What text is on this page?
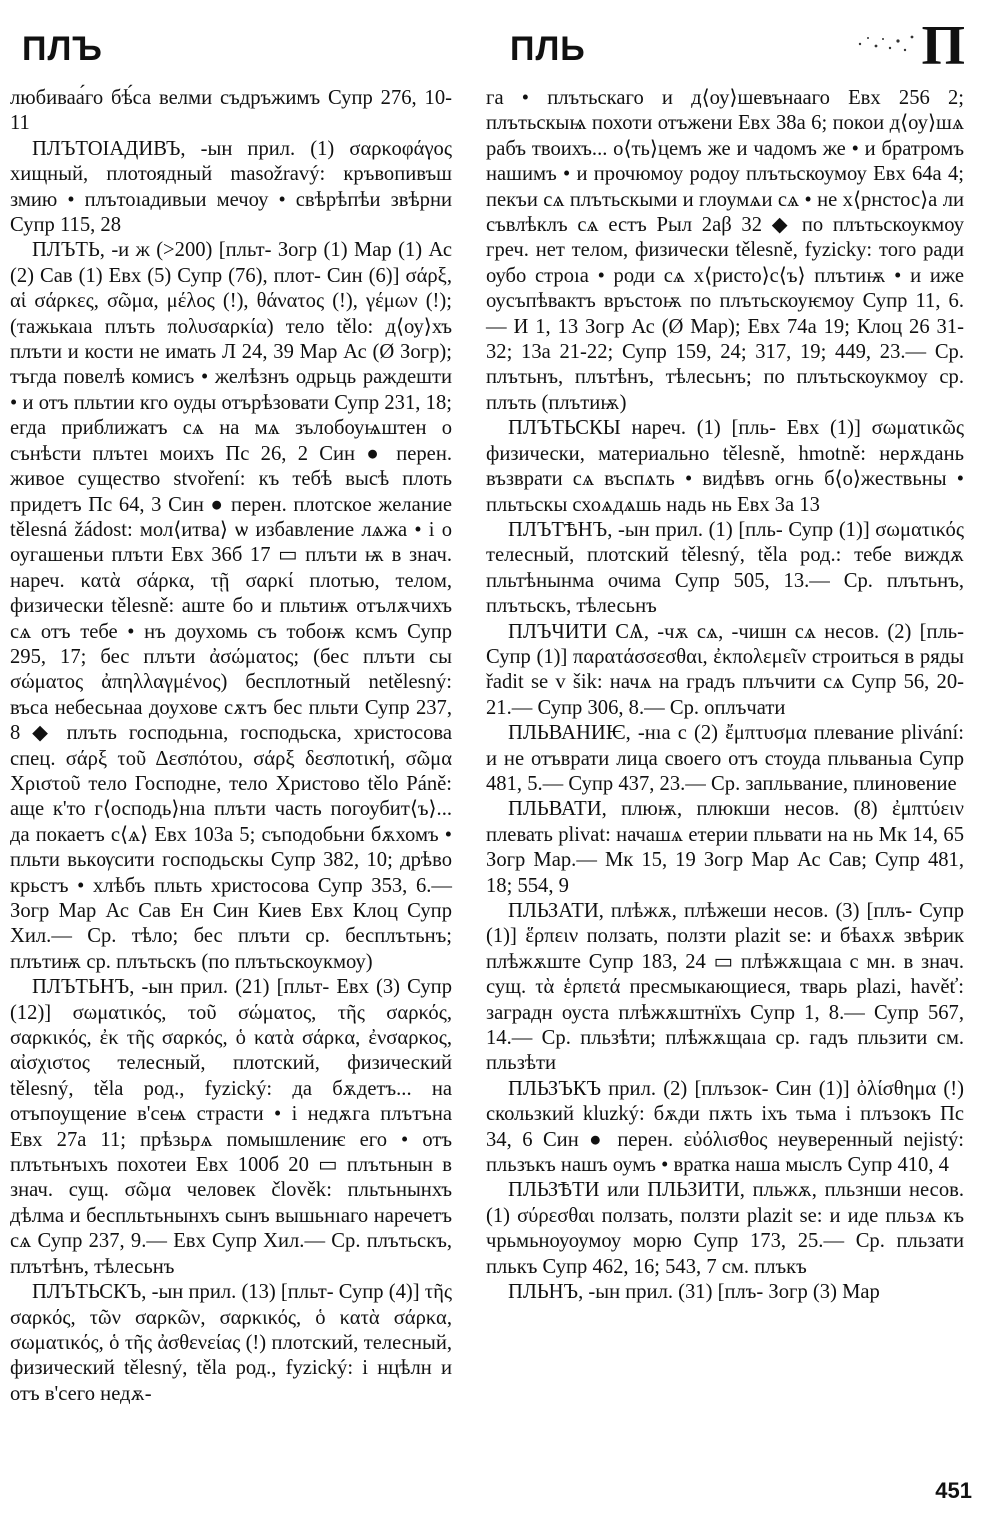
ПЛЪ	ПЛЬ	П

любиваа́го бѣ́са велми съдръжимъ Супр 276, 10-11

ПЛЪТОІАДИВЪ, -ын прил. (1) σαρκοφάγος хищный, плотоядный masožravý: кръвопивъш змию • плътоıадивыи мечоу • свѣрѣпѣи звѣрни Супр 115, 28

ПЛЪТЬ, -и ж (>200) [пльт- Зогр (1) Мар (1) Ас (2) Сав (1) Евх (5) Супр (76), плот- Син (6)] σάρξ, αἱ σάρκες, σῶμα, μέλος (!), θάνατος (!), γέμων (!); (тажькаıа плъть πολυσαρκία) тело tělo: д⟨оу⟩хъ плъти и кости не имать Л 24, 39 Мар Ас (Ø Зогр); тъгда повелѣ комисъ • желѣзнъ одрьць раждешти • и отъ пльтии кго оуды отърѣзовати Супр 231, 18; егда приближатъ сѧ на мѧ зълобоуѩштен о сънѣсти плътеı моихъ Пс 26, 2 Син ● перен. живое существо stvoření: къ тебѣ высѣ плоть придетъ Пс 64, 3 Син ● перен. плотское желание tělesná žádost: мол⟨итва⟩ ѡ избавление лѧжа • і о оугашеньи плъти Евх 36б 17 ▭ плъти ѭ в знач. нареч. κατὰ σάρκα, τῇ σαρκί плотью, телом, физически tělesně: аште бо и пльтиѭ отълѫчихъ сѧ отъ тебе • нъ доухомь съ тобоѭ ксмъ Супр 295, 17; бес плъти ἀσώματος; (бес плъти сы σώματος ἀπηλλαγμένος) бесплотный netělesný: въса небесьнаа доухове сѫтъ бес пльти Супр 237, 8 ◆ плъть господьнıа, господьска, христосова спец. σάρξ τοῦ Δεσπότου, σάρξ δεσποτική, σῶμα Χριστοῦ тело Господне, тело Христово tělo Páně: аще к'то г⟨осподь⟩нıа плъти часть погоубит⟨ъ⟩... да покаетъ с⟨ѧ⟩ Евх 103а 5; съподобьни бѫхомъ • пльти вькѹсити господьскы Супр 382, 10; дрѣво крьстъ • хлѣбъ пльть христосова Супр 353, 6.— Зогр Мар Ас Сав Ен Син Киев Евх Клоц Супр Хил.— Ср. тѣло; бес плъти ср. бесплътьнъ; плътиѭ ср. плътьскъ (по плътьскоукмоу)

ПЛЪТЬНЪ, -ын прил. (21) [пльт- Евх (3) Супр (12)] σωματικός, τοῦ σώματος, τῆς σαρκός, σαρκικός, ἐκ τῆς σαρκός, ὁ κατὰ σάρκα, ἐνσαρκος, αἰσχιστος телесный, плотский, физический tělesný, těla род., fyzický: да бѫдетъ... на отъпоущение в'сеѩ страсти • і недѫга плътъна Евх 27а 11; прѣзьрѧ помышлениѥ его • отъ плътьнъıхъ похотеи Евх 100б 20 ▭ плътьнын в знач. сущ. σῶμα человек člověk: пльтьнынхъ дѣлма и беспльтьнынхъ сынъ вышьнıаго наречетъ сѧ Супр 237, 9.— Евх Супр Хил.— Ср. плътьскъ, плътѣнъ, тѣлесьнъ

ПЛЪТЬСКЪ, -ын прил. (13) [пльт- Супр (4)] τῆς σαρκός, τῶν σαρκῶν, σαρκικός, ὁ κατὰ σάρκα, σωματικός, ὁ τῆς ἀσθενείας (!) плотский, телесный, физический tělesný, těla род., fyzický: і нцѣлн и отъ в'сего недѫ-

га • плътьскаго и д⟨оу⟩шевънааго Евх 256 2; плътьскыѩ похоти отъжени Евх 38а 6; покои д⟨оу⟩шѧ рабъ твоихъ... о⟨ть⟩цемъ же и чадомъ же • и братромъ нашимъ • и прочюмоу родоу плътьскоумоу Евх 64а 4; пекъи сѧ плътьскыми и глоумѧи сѧ • не х⟨рнстос⟩а ли съвлѣклъ сѧ естъ Рыл 2аβ 32 ◆ по плътьскоукмоу греч. нет телом, физически tělesně, fyzicky: того ради оубо строıа • роди сѧ х⟨ристо⟩с⟨ъ⟩ плътиѭ • и иже оусъпѣвактъ връстоѭ по плътьскоуѥмоу Супр 11, 6.— И 1, 13 Зогр Ас (Ø Мар); Евх 74а 19; Клоц 26 31-32; 13а 21-22; Супр 159, 24; 317, 19; 449, 23.— Ср. плътьнъ, плътѣнъ, тѣлесьнъ; по плътьскоукмоу ср. плъть (плътиѭ)

ПЛЪТЬСКЫ нареч. (1) [пль- Евх (1)] σωματικῶς физически, материально tělesně, hmotně: нерѫдань възврати сѧ въспѧть • видѣвъ огнь б⟨о⟩жествьны • пльтьскы схоѧдѧшь надь нь Евх 3а 13

ПЛЪТѢНЪ, -ын прил. (1) [пль- Супр (1)] σωματικός телесный, плотский tělesný, těla род.: тебе виждѫ пльтѣнынма очима Супр 505, 13.— Ср. плътьнъ, плътьскъ, тѣлесьнъ

ПЛЪЧИТИ СѦ, -чѫ сѧ, -чишн сѧ несов. (2) [пль- Супр (1)] παρατάσσεσθαι, ἐκπολεμεῖν строиться в ряды řadit se v šik: начѧ на градъ плъчити сѧ Супр 56, 20-21.— Супр 306, 8.— Ср. оплъчати

ПЛЬВАНИѤ, -нıа с (2) ἔμπτυσμα плевание plivání: и не отъврати лица своего отъ стоудa пльваньıа Супр 481, 5.— Супр 437, 23.— Ср. запльвание, плиновение

ПЛЬВАТИ, плюѭ, плюкши несов. (8) ἐμπτύειν плевать plivat: начашѧ етерии пльвати на нь Мк 14, 65 Зогр Мар.— Мк 15, 19 Зогр Мар Ас Сав; Супр 481, 18; 554, 9

ПЛЬЗАТИ, плѣжѫ, плѣжеши несов. (3) [плъ- Супр (1)] ἕρπειν ползать, ползти plazit se: и бѣахѫ звѣрик плѣжѫште Супр 183, 24 ▭ плѣжѫщаıа с мн. в знач. сущ. τὰ ἑρπετά пресмыкающиеся, тварь plazi, havěť: заградн оуста плѣжѫштнїхъ Супр 1, 8.— Супр 567, 14.— Ср. пльзѣти; плѣжѫщаıа ср. гадъ пльзити см. пльзѣти

ПЛЬЗЪКЪ прил. (2) [плъзок- Син (1)] ὀλίσθημα (!) скользкий kluzký: бѫди пѫть іхъ тьма і плъзокъ Пс 34, 6 Син ● перен. εὐόλισθος неуверенный nejistý: пльзъкъ нашъ оумъ • вратка наша мыслъ Супр 410, 4

ПЛЬЗѢТИ или ПЛЬЗИТИ, пльжѫ, пльзнши несов. (1) σύρεσθαι ползать, ползти plazit se: и иде пльзѧ къ чрьмьноуоумоу морю Супр 173, 25.— Ср. пльзати плькъ Супр 462, 16; 543, 7 см. плъкъ

ПЛЬНЪ, -ын прил. (31) [плъ- Зогр (3) Мар

451
